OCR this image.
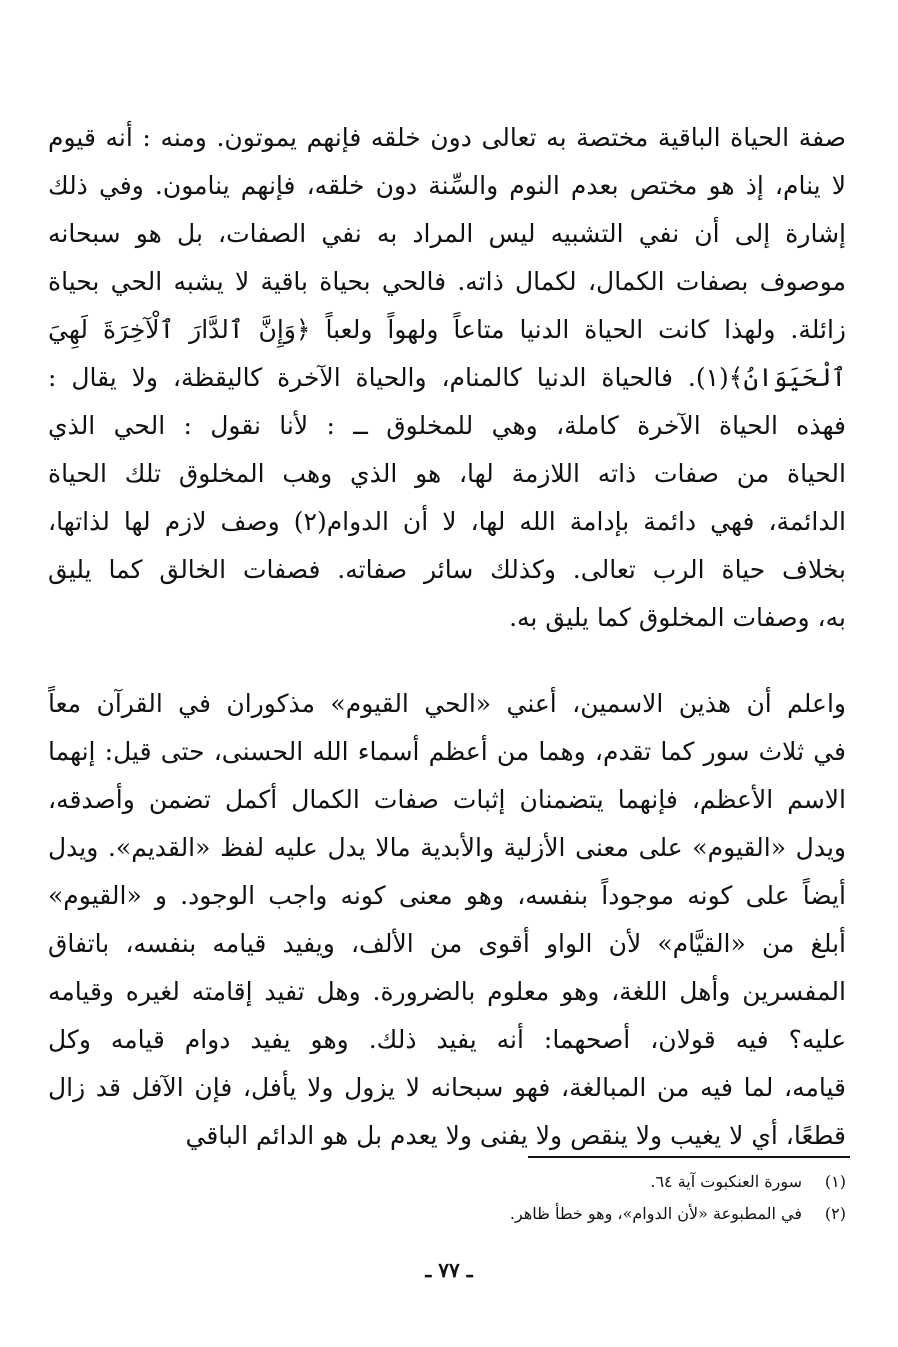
صفة الحياة الباقية مختصة به تعالى دون خلقه فإنهم يموتون. ومنه : أنه قيوم
لا ينام، إذ هو مختص بعدم النوم والسِّنة دون خلقه، فإنهم ينامون. وفي ذلك
إشارة إلى أن نفي التشبيه ليس المراد به نفي الصفات، بل هو سبحانه
موصوف بصفات الكمال، لكمال ذاته. فالحي بحياة باقية لا يشبه الحي بحياة
زائلة. ولهذا كانت الحياة الدنيا متاعاً ولهواً ولعباً ﴿وَإِنَّ ٱلدَّارَ ٱلْآخِرَةَ لَهِيَ
ٱلْحَيَوَانُ﴾(١). فالحياة الدنيا كالمنام، والحياة الآخرة كاليقظة، ولا يقال :
فهذه الحياة الآخرة كاملة، وهي للمخلوق ــ : لأنا نقول : الحي الذي
الحياة من صفات ذاته اللازمة لها، هو الذي وهب المخلوق تلك الحياة
الدائمة، فهي دائمة بإدامة الله لها، لا أن الدوام(٢) وصف لازم لها لذاتها،
بخلاف حياة الرب تعالى. وكذلك سائر صفاته. فصفات الخالق كما يليق
به، وصفات المخلوق كما يليق به.
واعلم أن هذين الاسمين، أعني «الحي القيوم» مذكوران في القرآن معاً
في ثلاث سور كما تقدم، وهما من أعظم أسماء الله الحسنى، حتى قيل: إنهما
الاسم الأعظم، فإنهما يتضمنان إثبات صفات الكمال أكمل تضمن وأصدقه،
ويدل «القيوم» على معنى الأزلية والأبدية مالا يدل عليه لفظ «القديم». ويدل
أيضاً على كونه موجوداً بنفسه، وهو معنى كونه واجب الوجود. و «القيوم»
أبلغ من «القيَّام» لأن الواو أقوى من الألف، ويفيد قيامه بنفسه، باتفاق
المفسرين وأهل اللغة، وهو معلوم بالضرورة. وهل تفيد إقامته لغيره وقيامه
عليه؟ فيه قولان، أصحهما: أنه يفيد ذلك. وهو يفيد دوام قيامه وكل
قيامه، لما فيه من المبالغة، فهو سبحانه لا يزول ولا يأفل، فإن الآفل قد زال
قطعًا، أي لا يغيب ولا ينقص ولا يفنى ولا يعدم بل هو الدائم الباقي
(١)
سورة العنكبوت آية ٦٤.
(٢)
في المطبوعة «لأن الدوام»، وهو خطأ ظاهر.
ـ ٧٧ ـ
